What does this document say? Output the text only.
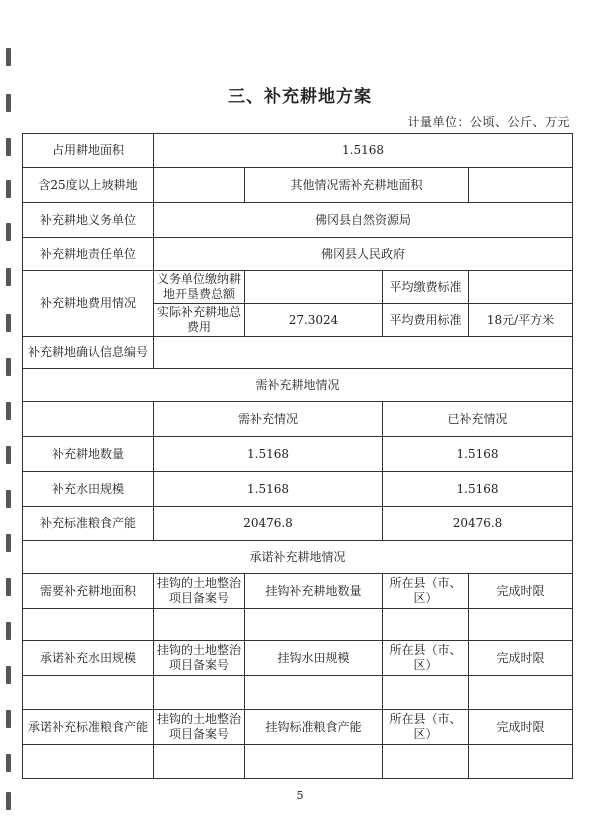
三、补充耕地方案
计量单位：公顷、公斤、万元
占用耕地面积	1.5168			
含25度以上坡耕地		其他情况需补充耕地面积		
补充耕地义务单位	佛冈县自然资源局			
补充耕地责任单位	佛冈县人民政府			
补充耕地费用情况	义务单位缴纳耕地开垦费总额		平均缴费标准	
	实际补充耕地总费用	27.3024	平均费用标准	18元/平方米
补充耕地确认信息编号				
需补充耕地情况				
	需补充情况		已补充情况	
补充耕地数量	1.5168		1.5168	
补充水田规模	1.5168		1.5168	
补充标准粮食产能	20476.8		20476.8	
承诺补充耕地情况				
需要补充耕地面积	挂钩的土地整治项目备案号	挂钩补充耕地数量	所在县（市、区）	完成时限

承诺补充水田规模	挂钩的土地整治项目备案号	挂钩水田规模	所在县（市、区）	完成时限

承诺补充标准粮食产能	挂钩的土地整治项目备案号	挂钩标准粮食产能	所在县（市、区）	完成时限

5
